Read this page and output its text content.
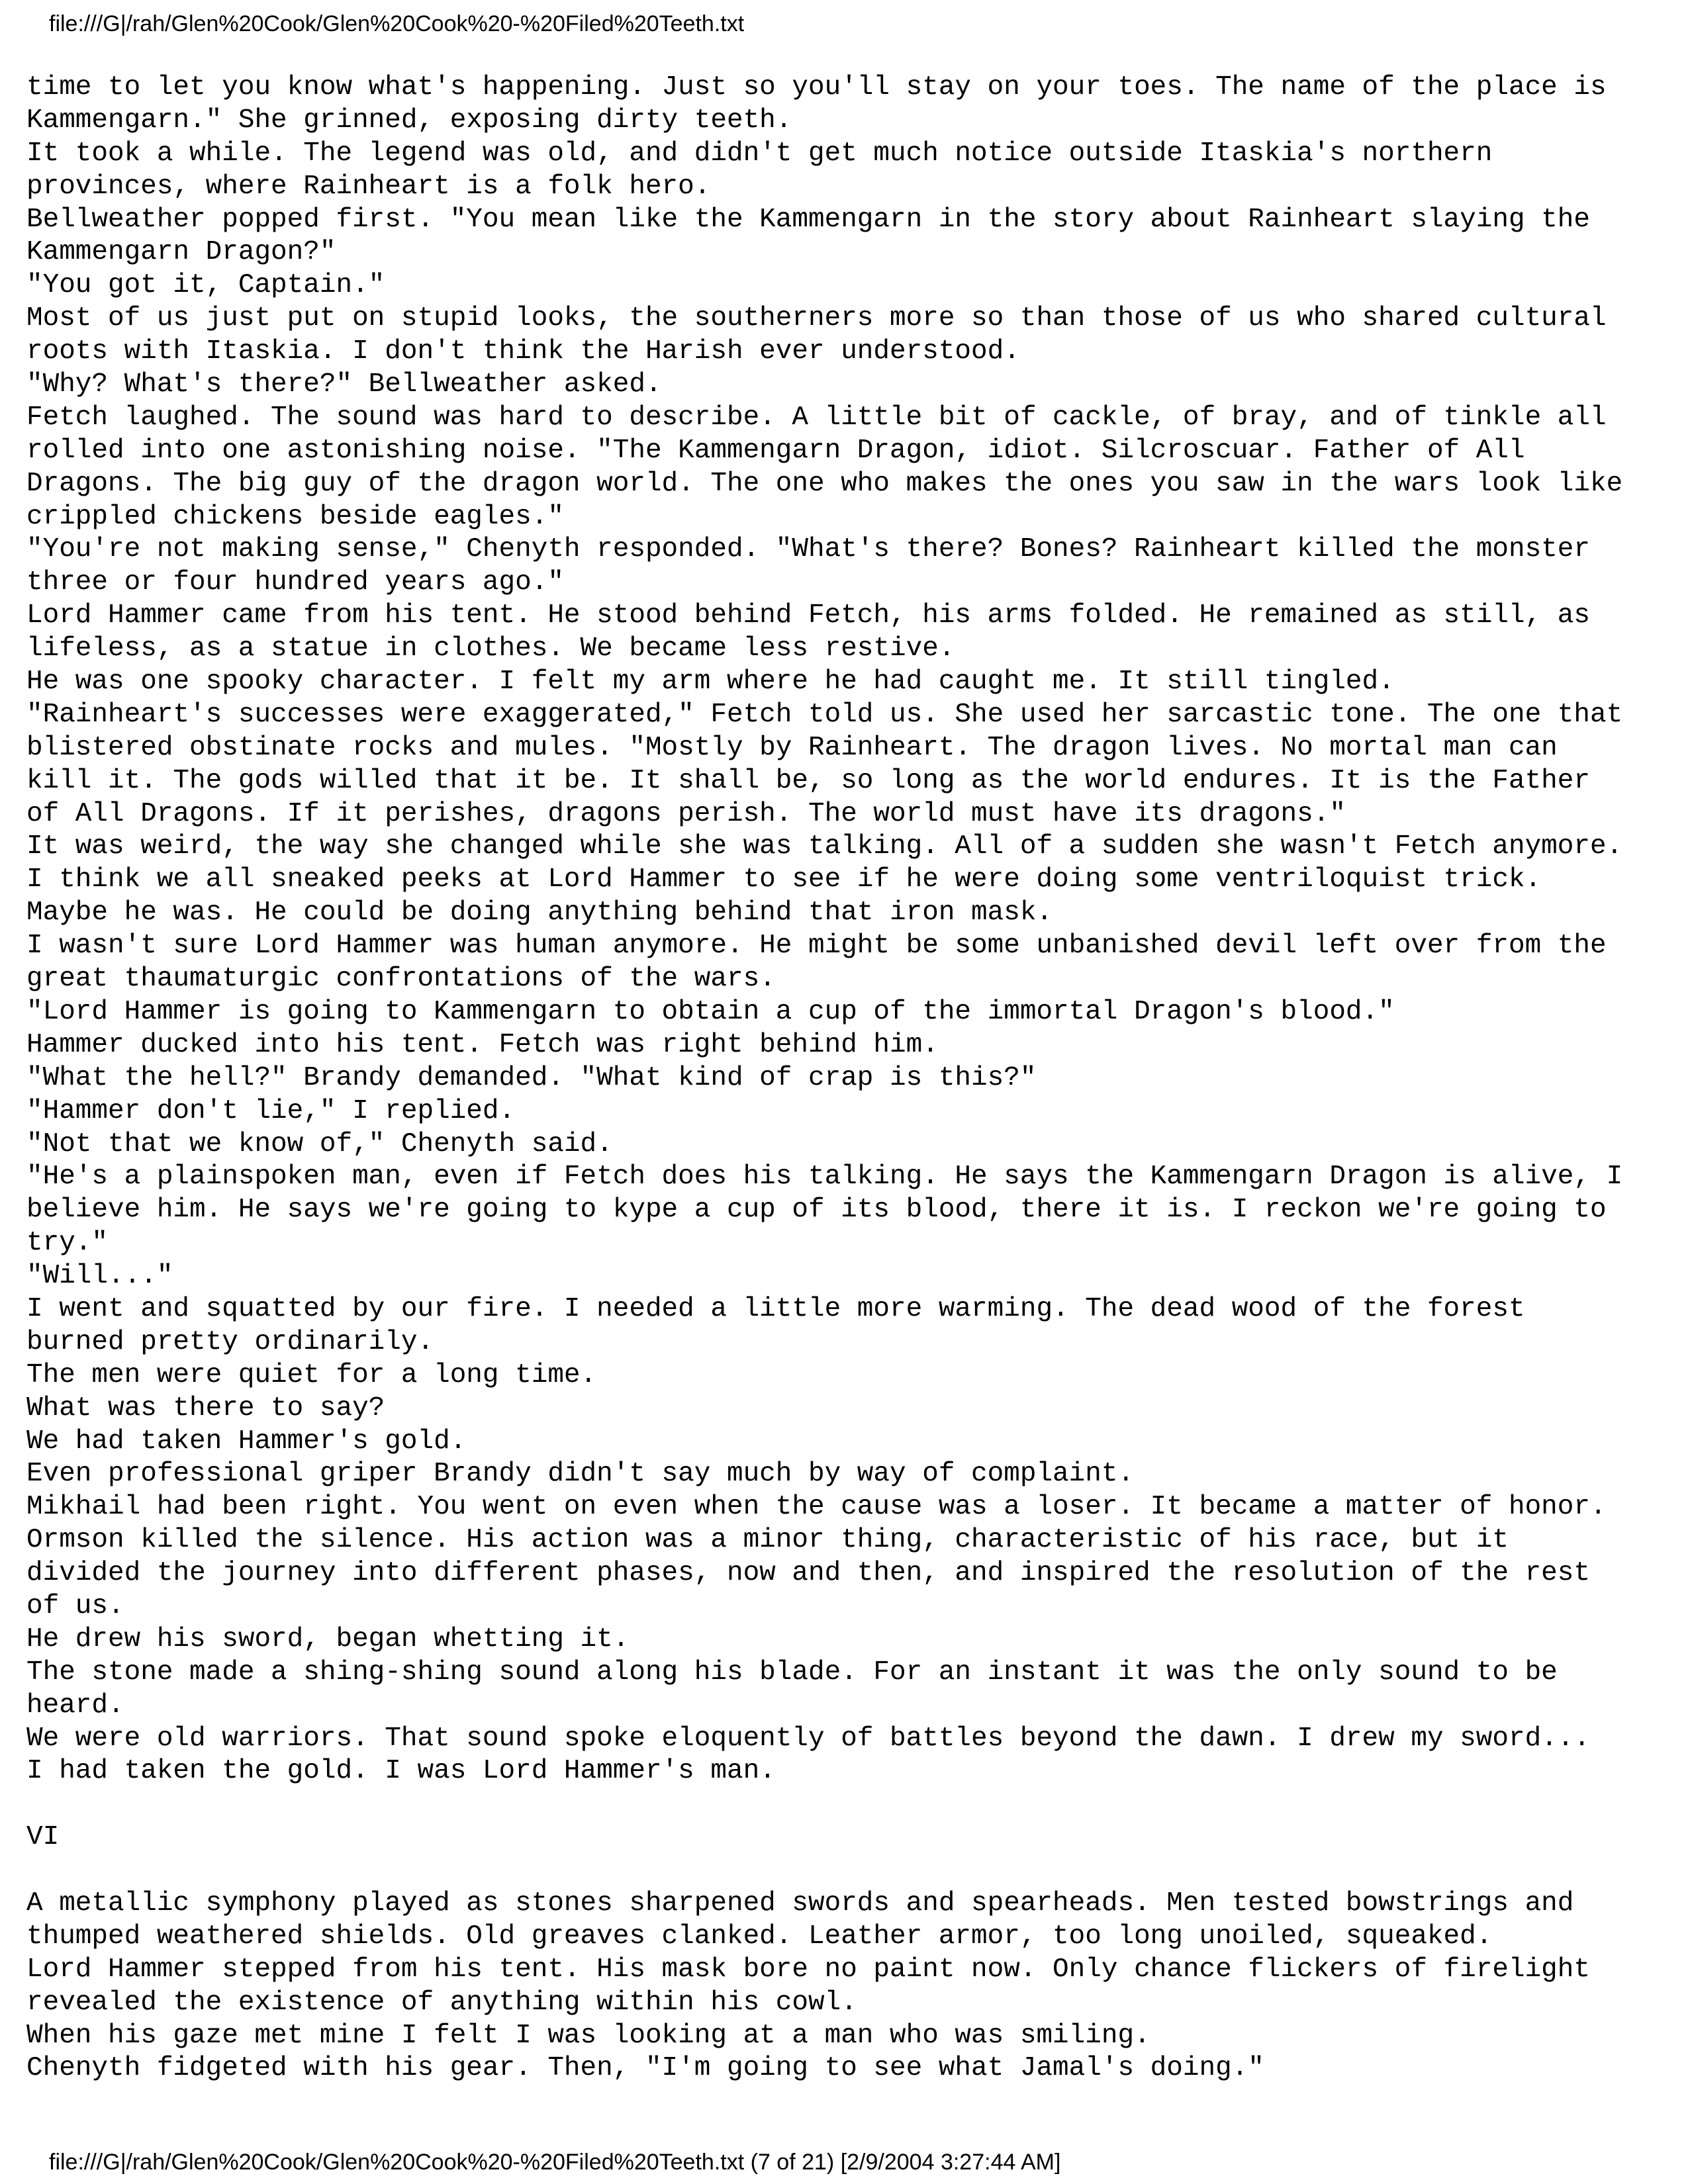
file:///G|/rah/Glen%20Cook/Glen%20Cook%20-%20Filed%20Teeth.txt
time to let you know what's happening. Just so you'll stay on your toes. The name of the place is
Kammengarn." She grinned, exposing dirty teeth.
It took a while. The legend was old, and didn't get much notice outside Itaskia's northern
provinces, where Rainheart is a folk hero.
Bellweather popped first. "You mean like the Kammengarn in the story about Rainheart slaying the
Kammengarn Dragon?"
"You got it, Captain."
Most of us just put on stupid looks, the southerners more so than those of us who shared cultural
roots with Itaskia. I don't think the Harish ever understood.
"Why? What's there?" Bellweather asked.
Fetch laughed. The sound was hard to describe. A little bit of cackle, of bray, and of tinkle all
rolled into one astonishing noise. "The Kammengarn Dragon, idiot. Silcroscuar. Father of All
Dragons. The big guy of the dragon world. The one who makes the ones you saw in the wars look like
crippled chickens beside eagles."
"You're not making sense," Chenyth responded. "What's there? Bones? Rainheart killed the monster
three or four hundred years ago."
Lord Hammer came from his tent. He stood behind Fetch, his arms folded. He remained as still, as
lifeless, as a statue in clothes. We became less restive.
He was one spooky character. I felt my arm where he had caught me. It still tingled.
"Rainheart's successes were exaggerated," Fetch told us. She used her sarcastic tone. The one that
blistered obstinate rocks and mules. "Mostly by Rainheart. The dragon lives. No mortal man can
kill it. The gods willed that it be. It shall be, so long as the world endures. It is the Father
of All Dragons. If it perishes, dragons perish. The world must have its dragons."
It was weird, the way she changed while she was talking. All of a sudden she wasn't Fetch anymore.
I think we all sneaked peeks at Lord Hammer to see if he were doing some ventriloquist trick.
Maybe he was. He could be doing anything behind that iron mask.
I wasn't sure Lord Hammer was human anymore. He might be some unbanished devil left over from the
great thaumaturgic confrontations of the wars.
"Lord Hammer is going to Kammengarn to obtain a cup of the immortal Dragon's blood."
Hammer ducked into his tent. Fetch was right behind him.
"What the hell?" Brandy demanded. "What kind of crap is this?"
"Hammer don't lie," I replied.
"Not that we know of," Chenyth said.
"He's a plainspoken man, even if Fetch does his talking. He says the Kammengarn Dragon is alive, I
believe him. He says we're going to kype a cup of its blood, there it is. I reckon we're going to
try."
"Will..."
I went and squatted by our fire. I needed a little more warming. The dead wood of the forest
burned pretty ordinarily.
The men were quiet for a long time.
What was there to say?
We had taken Hammer's gold.
Even professional griper Brandy didn't say much by way of complaint.
Mikhail had been right. You went on even when the cause was a loser. It became a matter of honor.
Ormson killed the silence. His action was a minor thing, characteristic of his race, but it
divided the journey into different phases, now and then, and inspired the resolution of the rest
of us.
He drew his sword, began whetting it.
The stone made a shing-shing sound along his blade. For an instant it was the only sound to be
heard.
We were old warriors. That sound spoke eloquently of battles beyond the dawn. I drew my sword...
I had taken the gold. I was Lord Hammer's man.
VI
A metallic symphony played as stones sharpened swords and spearheads. Men tested bowstrings and
thumped weathered shields. Old greaves clanked. Leather armor, too long unoiled, squeaked.
Lord Hammer stepped from his tent. His mask bore no paint now. Only chance flickers of firelight
revealed the existence of anything within his cowl.
When his gaze met mine I felt I was looking at a man who was smiling.
Chenyth fidgeted with his gear. Then, "I'm going to see what Jamal's doing."
file:///G|/rah/Glen%20Cook/Glen%20Cook%20-%20Filed%20Teeth.txt (7 of 21) [2/9/2004 3:27:44 AM]
